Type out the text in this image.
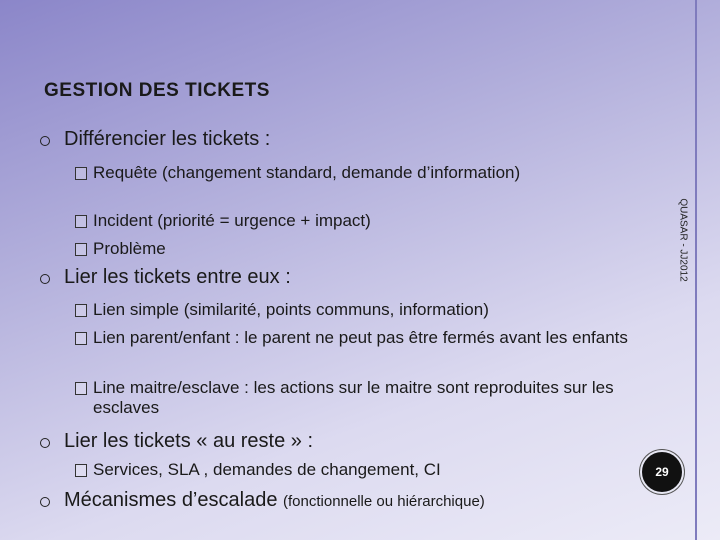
GESTION DES TICKETS
QUASAR - JJ2012
29
Différencier les tickets :
Requête (changement standard, demande d’information)
Incident (priorité = urgence + impact)
Problème
Lier les tickets entre eux :
Lien simple (similarité, points communs, information)
Lien parent/enfant : le parent ne peut pas être fermés avant les enfants
Line maitre/esclave : les actions sur le maitre sont reproduites sur les esclaves
Lier les tickets « au reste » :
Services, SLA , demandes de changement, CI
Mécanismes d’escalade (fonctionnelle ou hiérarchique)
